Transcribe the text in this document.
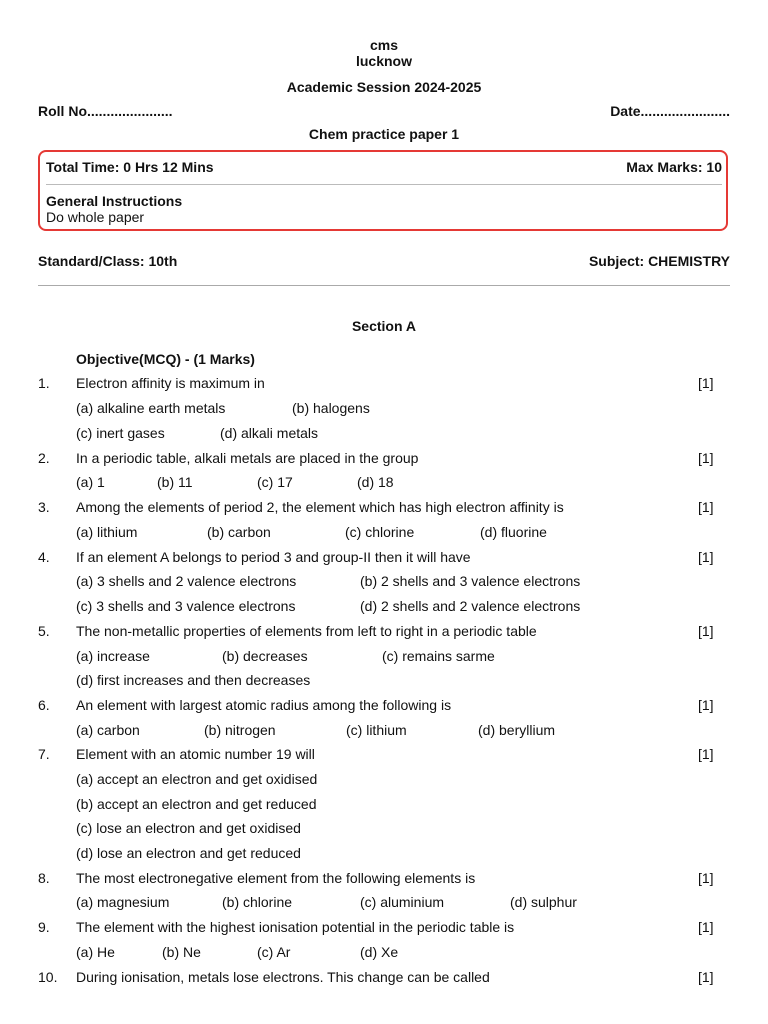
cms
lucknow
Academic Session 2024-2025
Roll No......................	Date.......................
Chem practice paper 1
Total Time: 0 Hrs 12 Mins	Max Marks: 10
General Instructions
Do whole paper
Standard/Class: 10th	Subject: CHEMISTRY
Section A
Objective(MCQ) - (1 Marks)
1. Electron affinity is maximum in	[1]
(a) alkaline earth metals	(b) halogens
(c) inert gases	(d) alkali metals
2. In a periodic table, alkali metals are placed in the group	[1]
(a) 1	(b) 11	(c) 17	(d) 18
3. Among the elements of period 2, the element which has high electron affinity is	[1]
(a) lithium	(b) carbon	(c) chlorine	(d) fluorine
4. If an element A belongs to period 3 and group-II then it will have	[1]
(a) 3 shells and 2 valence electrons	(b) 2 shells and 3 valence electrons
(c) 3 shells and 3 valence electrons	(d) 2 shells and 2 valence electrons
5. The non-metallic properties of elements from left to right in a periodic table	[1]
(a) increase	(b) decreases	(c) remains sarme
(d) first increases and then decreases
6. An element with largest atomic radius among the following is	[1]
(a) carbon	(b) nitrogen	(c) lithium	(d) beryllium
7. Element with an atomic number 19 will	[1]
(a) accept an electron and get oxidised
(b) accept an electron and get reduced
(c) lose an electron and get oxidised
(d) lose an electron and get reduced
8. The most electronegative element from the following elements is	[1]
(a) magnesium	(b) chlorine	(c) aluminium	(d) sulphur
9. The element with the highest ionisation potential in the periodic table is	[1]
(a) He	(b) Ne	(c) Ar	(d) Xe
10. During ionisation, metals lose electrons. This change can be called	[1]
